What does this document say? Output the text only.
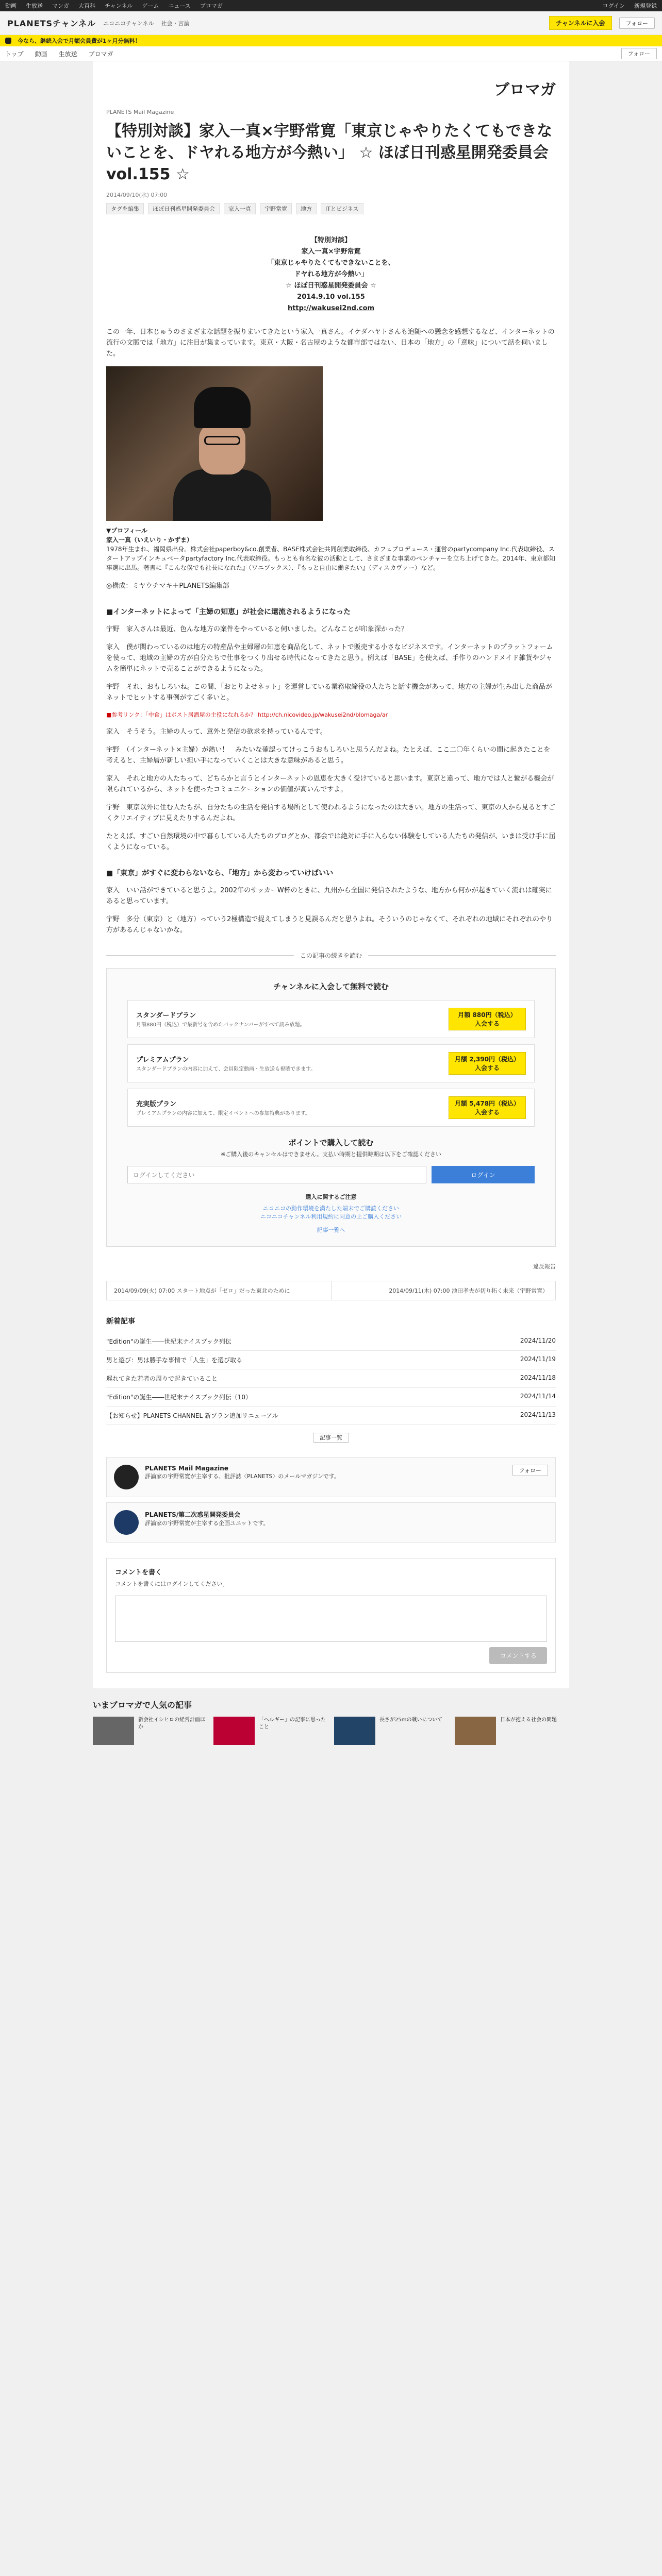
動画 生放送 マンガ 大百科 チャンネル ゲーム ニュース ブロマガ	ログイン 新規登録
PLANETSチャンネル ニコニコチャンネル 社会・言論	チャンネルに入会	フォロー
今なら、継続入会で月額会員費が1ヶ月分無料！
トップ 動画 生放送 ブロマガ	フォロー
ブロマガ
PLANETS Mail Magazine
【特別対談】家入一真×宇野常寛「東京じゃやりたくてもできないことを、ドヤれる地方が今熱い」 ☆ ほぼ日刊惑星開発委員会 vol.155 ☆
2014/09/10(水) 07:00
タグを編集	ほぼ日刊惑星開発委員会	家入一真	宇野常寛	地方	ITとビジネス
【特別対談】
家入一真×宇野常寛
「東京じゃやりたくてもできないことを、
ドヤれる地方が今熱い」
☆ ほぼ日刊惑星開発委員会 ☆
2014.9.10 vol.155
http://wakusei2nd.com

この一年、日本じゅうのさまざまな話題を振りまいてきたという家入一真さん。イケダハヤトさんも追随への懸念を感想するなど、インターネットの流行の文脈では「地方」に注目が集まっています。東京・大阪・名古屋のような都市部ではない、日本の「地方」の「意味」について話を伺いました。

▼プロフィール
家入一真（いえいり・かずま）
1978年生まれ、福岡県出身。株式会社paperboy&co.創業者、BASE株式会社共同創業取締役、カフェプロデュース・運営のpartycompany Inc.代表取締役、スタートアップインキュベータpartyfactory Inc.代表取締役。もっとも有名な彼の活動として、さまざまな事業のベンチャーを立ち上げてきた。2014年、東京都知事選に出馬。著書に『こんな僕でも社長になれた』（ワニブックス）、『もっと自由に働きたい』（ディスカヴァー）など。

◎構成：ミヤウチマキ＋PLANETS編集部

■インターネットによって「主婦の知恵」が社会に還流されるようになった

宇野　家入さんは最近、色んな地方の案件をやっていると伺いました。どんなことが印象深かった？

家入　僕が関わっているのは地方の特産品や主婦層の知恵を商品化して、ネットで販売する小さなビジネスです。インターネットのプラットフォームを使って、地域の主婦の方が自分たちで仕事をつくり出せる時代になってきたと思う。例えば「BASE」を使えば、手作りのハンドメイド雑貨やジャムを簡単にネットで売ることができるようになった。

宇野　それ、おもしろいね。この間、「おとりよせネット」を運営している業務取締役の人たちと話す機会があって、地方の主婦が生み出した商品がネットでヒットする事例がすごく多いと。

■参考リンク：「中食」はポスト居酒屋の主役になれるか？ http://ch.nicovideo.jp/wakusei2nd/blomaga/ar

家入　そうそう。主婦の人って、意外と発信の欲求を持っているんです。

宇野　（インターネット×主婦）が熱い！　みたいな確認ってけっこうおもしろいと思うんだよね。たとえば、ここ二〇年くらいの間に起きたことを考えると、主婦層が新しい担い手になっていくことは大きな意味があると思う。

家入　それと地方の人たちって、どちらかと言うとインターネットの恩恵を大きく受けていると思います。東京と違って、地方では人と繋がる機会が限られているから、ネットを使ったコミュニケーションの価値が高いんですよ。

宇野　東京以外に住む人たちが、自分たちの生活を発信する場所として使われるようになったのは大きい。地方の生活って、東京の人から見るとすごくクリエイティブに見えたりするんだよね。

たとえば、すごい自然環境の中で暮らしている人たちのブログとか、都会では絶対に手に入らない体験をしている人たちの発信が、いまは受け手に届くようになっている。

■「東京」がすぐに変わらないなら、「地方」から変わっていけばいい

家入　いい話ができていると思うよ。2002年のサッカーW杯のときに、九州から全国に発信されたような、地方から何かが起きていく流れは確実にあると思っています。

宇野　多分（東京）と（地方）っていう2極構造で捉えてしまうと見誤るんだと思うよね。そういうのじゃなくて、それぞれの地域にそれぞれのやり方があるんじゃないかな。

この記事の続きを読む
チャンネルに入会して無料で読む
スタンダードプラン
月額880円（税込）で最新号を含めたバックナンバーがすべて読み放題。
月額 880円（税込）
入会する
プレミアムプラン
スタンダードプランの内容に加えて、会員限定動画・生放送も視聴できます。
月額 2,390円（税込）
入会する
充実版プラン
プレミアムプランの内容に加えて、限定イベントへの参加特典があります。
月額 5,478円（税込）
入会する
ポイントで購入して読む
※ご購入後のキャンセルはできません。支払い時期と提供時期は以下をご確認ください
ログインしてください	ログイン
購入に関するご注意
ニコニコの動作環境を満たした端末でご購読ください
ニコニコチャンネル利用規約に同意の上ご購入ください
記事一覧へ
違反報告
2014/09/09(火) 07:00 スタート地点が「ゼロ」だった東北のために	2014/09/11(木) 07:00 池田孝夫が切り拓く未来（宇野常寛）
新着記事
"Edition"の誕生――世紀末ナイスブック列伝	2024/11/20
男と遊び：男は勝手な事情で「人生」を選び取る	2024/11/19
遅れてきた若者の周りで起きていること	2024/11/18
"Edition"の誕生――世紀末ナイスブック列伝（10）	2024/11/14
【お知らせ】PLANETS CHANNEL 新プラン追加リニューアル	2024/11/13
記事一覧
PLANETS Mail Magazine
評論家の宇野常寛が主宰する、批評誌〈PLANETS〉のメールマガジンです。
フォロー
PLANETS/第二次惑星開発委員会
評論家の宇野常寛が主宰する企画ユニットです。
コメントを書く
コメントを書くにはログインしてください。
コメントする
いまブロマガで人気の記事
新会社イシヒロの経営計画ほか
「ヘルギー」の記事に思ったこと
長さが25mの戦いについて	日本が抱える社会の問題
